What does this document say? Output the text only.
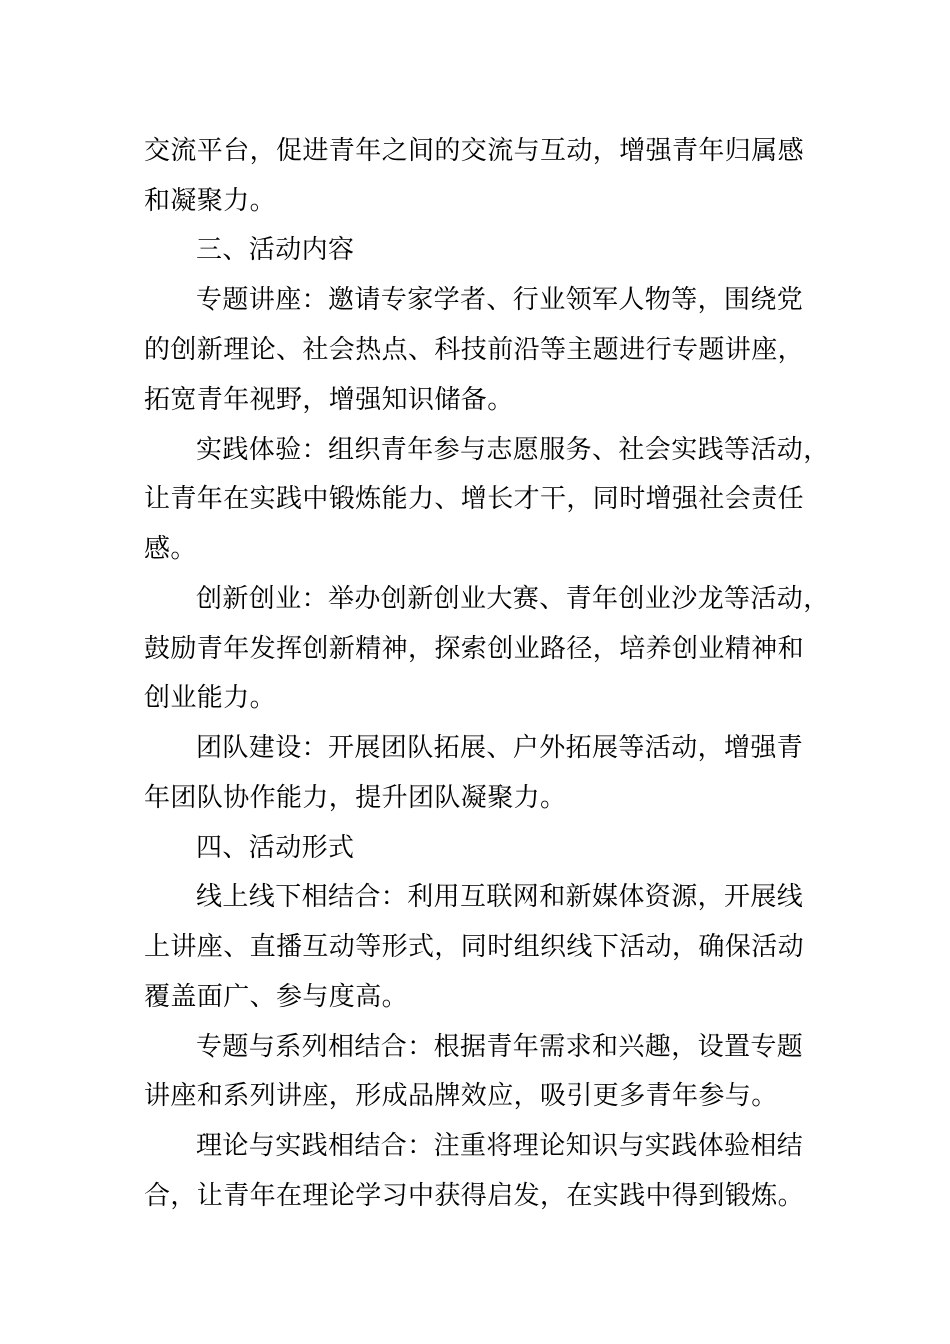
交流平台，促进青年之间的交流与互动，增强青年归属感
和凝聚力。
三、活动内容
专题讲座：邀请专家学者、行业领军人物等，围绕党
的创新理论、社会热点、科技前沿等主题进行专题讲座，
拓宽青年视野，增强知识储备。
实践体验：组织青年参与志愿服务、社会实践等活动，
让青年在实践中锻炼能力、增长才干，同时增强社会责任
感。
创新创业：举办创新创业大赛、青年创业沙龙等活动，
鼓励青年发挥创新精神，探索创业路径，培养创业精神和
创业能力。
团队建设：开展团队拓展、户外拓展等活动，增强青
年团队协作能力，提升团队凝聚力。
四、活动形式
线上线下相结合：利用互联网和新媒体资源，开展线
上讲座、直播互动等形式，同时组织线下活动，确保活动
覆盖面广、参与度高。
专题与系列相结合：根据青年需求和兴趣，设置专题
讲座和系列讲座，形成品牌效应，吸引更多青年参与。
理论与实践相结合：注重将理论知识与实践体验相结
合，让青年在理论学习中获得启发，在实践中得到锻炼。
